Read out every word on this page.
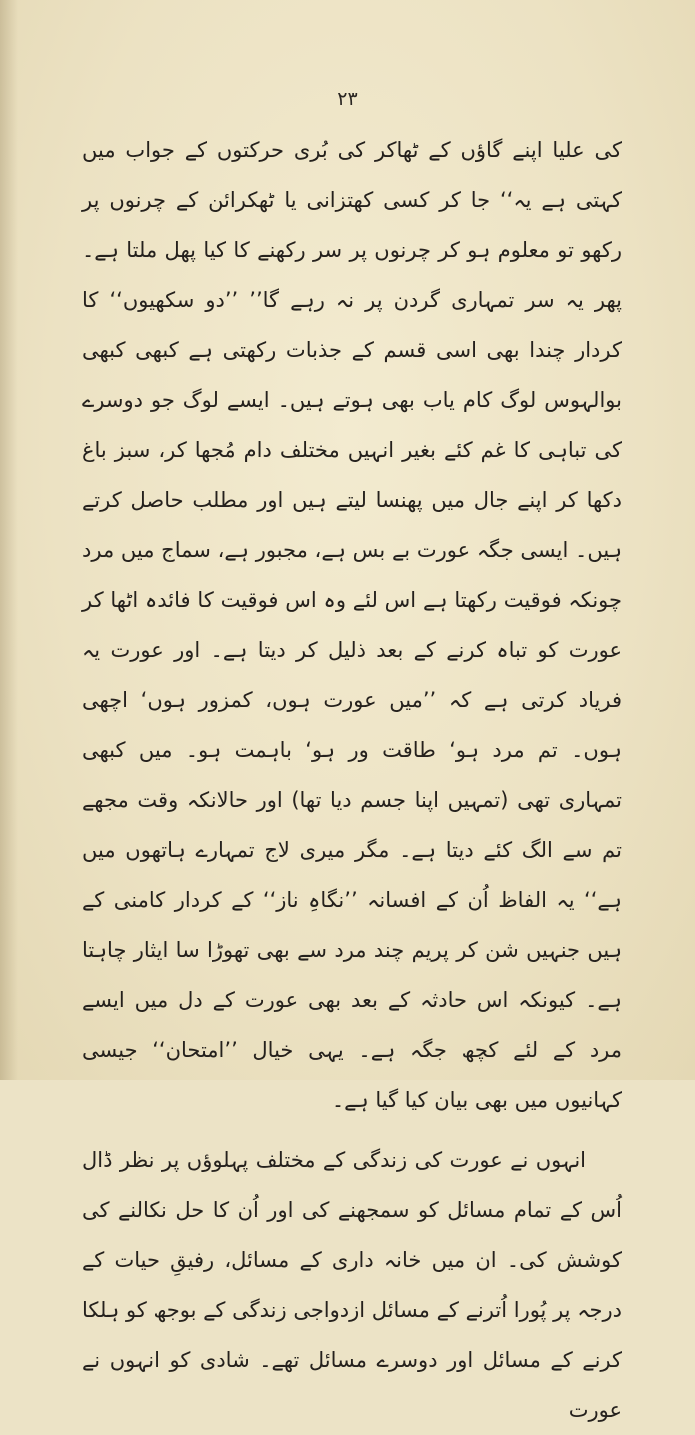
۲۳

کی علیا اپنے گاؤں کے ٹھاکر کی بُری حرکتوں کے جواب میں کہتی ہے یہ‘‘ جا کر کسی کھتزانی یا ٹھکرائن کے چرنوں پر رکھو تو معلوم ہو کر چرنوں پر سر رکھنے کا کیا پھل ملتا ہے۔ پھر یہ سر تمہاری گردن پر نہ رہے گا’’ ’’دو سکھیوں‘‘ کا کردار چندا بھی اسی قسم کے جذبات رکھتی ہے کبھی کبھی بوالہوس لوگ کام یاب بھی ہوتے ہیں۔ ایسے لوگ جو دوسرے کی تباہی کا غم کئے بغیر انہیں مختلف دام مُجھا کر، سبز باغ دکھا کر اپنے جال میں پھنسا لیتے ہیں اور مطلب حاصل کرتے ہیں۔ ایسی جگہ عورت بے بس ہے، مجبور ہے، سماج میں مرد چونکہ فوقیت رکھتا ہے اس لئے وہ اس فوقیت کا فائدہ اٹھا کر عورت کو تباہ کرنے کے بعد ذلیل کر دیتا ہے۔ اور عورت یہ فریاد کرتی ہے کہ ’’میں عورت ہوں، کمزور ہوں‘ اچھی ہوں۔ تم مرد ہو‘ طاقت ور ہو‘ باہمت ہو۔ میں کبھی تمہاری تھی (تمہیں اپنا جسم دیا تھا) اور حالانکہ وقت مجھے تم سے الگ کئے دیتا ہے۔ مگر میری لاج تمہارے ہاتھوں میں ہے‘‘ یہ الفاظ اُن کے افسانہ ’’نگاہِ ناز‘‘ کے کردار کامنی کے ہیں جنہیں شن کر پریم چند مرد سے بھی تھوڑا سا ایثار چاہتا ہے۔ کیونکہ اس حادثہ کے بعد بھی عورت کے دل میں ایسے مرد کے لئے کچھ جگہ ہے۔ یہی خیال ’’امتحان‘‘ جیسی کہانیوں میں بھی بیان کیا گیا ہے۔

انہوں نے عورت کی زندگی کے مختلف پہلوؤں پر نظر ڈال اُس کے تمام مسائل کو سمجھنے کی اور اُن کا حل نکالنے کی کوشش کی۔ ان میں خانہ داری کے مسائل، رفیقِ حیات کے درجہ پر پُورا اُترنے کے مسائل ازدواجی زندگی کے بوجھ کو ہلکا کرنے کے مسائل اور دوسرے مسائل تھے۔ شادی کو انہوں نے عورت
